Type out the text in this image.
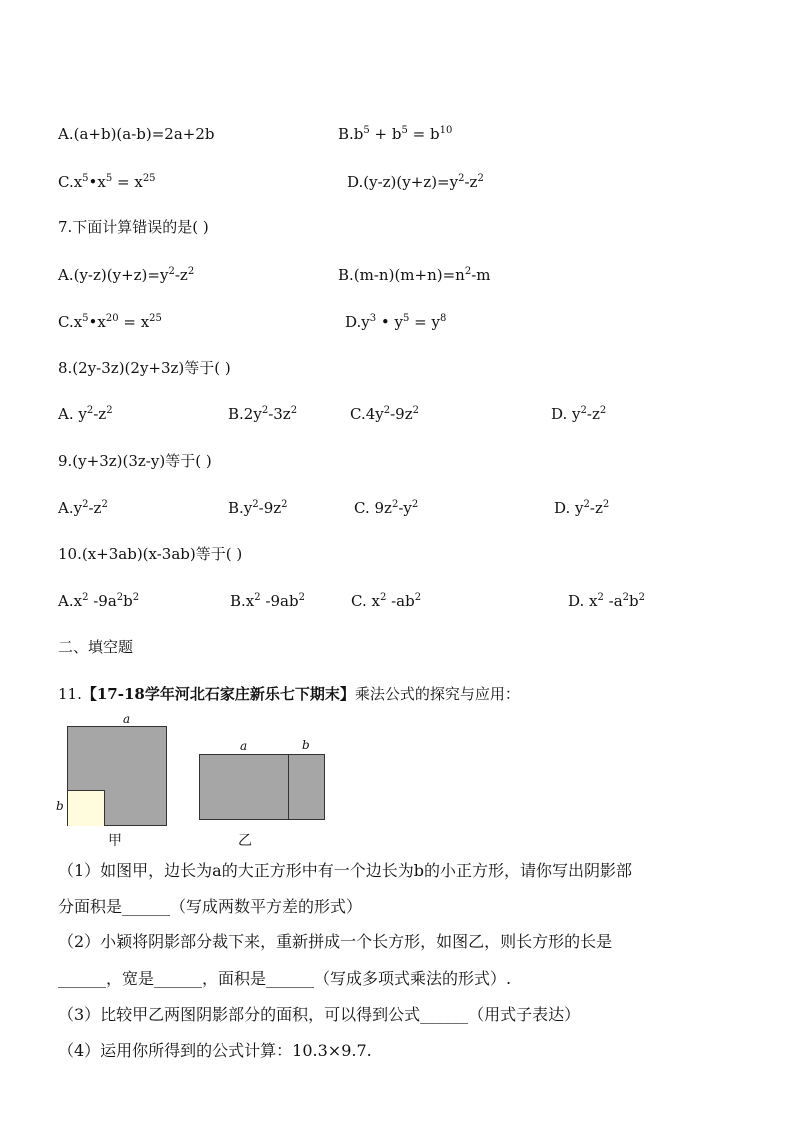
A.(a+b)(a-b)=2a+2b	$B.b^5 + b^5 = b^{10}$
$C.x^5•x^5 = x^{25}$	$D.(y-z)(y+z)=y^2-z^2$
7.下面计算错误的是( )
$A.(y-z)(y+z)=y^2-z^2$	$B.(m-n)(m+n)=n^2-m$
$C.x^5•x^{20} = x^{25}$	$D.y^3$ • $y^5 = y^8$
8.(2y-3z)(2y+3z)等于( )
A. $y^2-z^2$	$B.2y^2-3z^2$	$C.4y^2-9z^2$	D. $y^2-z^2$
9.(y+3z)(3z-y)等于( )
$A.y^2-z^2$	$B.y^2-9z^2$	C. $9z^2-y^2$	D. $y^2-z^2$
10.(x+3ab)(x-3ab)等于( )
$A.x^2$ $-9a^2b^2$	$B.x^2$ $-9ab^2$	C. $x^2$ $-ab^2$	D. $x^2$ $-a^2b^2$
二、填空题
11.【17-18学年河北石家庄新乐七下期末】乘法公式的探究与应用：
a
b
甲
a	b
乙
（1）如图甲，边长为a的大正方形中有一个边长为b的小正方形，请你写出阴影部
分面积是______（写成两数平方差的形式）
（2）小颖将阴影部分裁下来，重新拼成一个长方形，如图乙，则长方形的长是
______，宽是______，面积是______（写成多项式乘法的形式）.
（3）比较甲乙两图阴影部分的面积，可以得到公式______（用式子表达）
（4）运用你所得到的公式计算：10.3×9.7.
